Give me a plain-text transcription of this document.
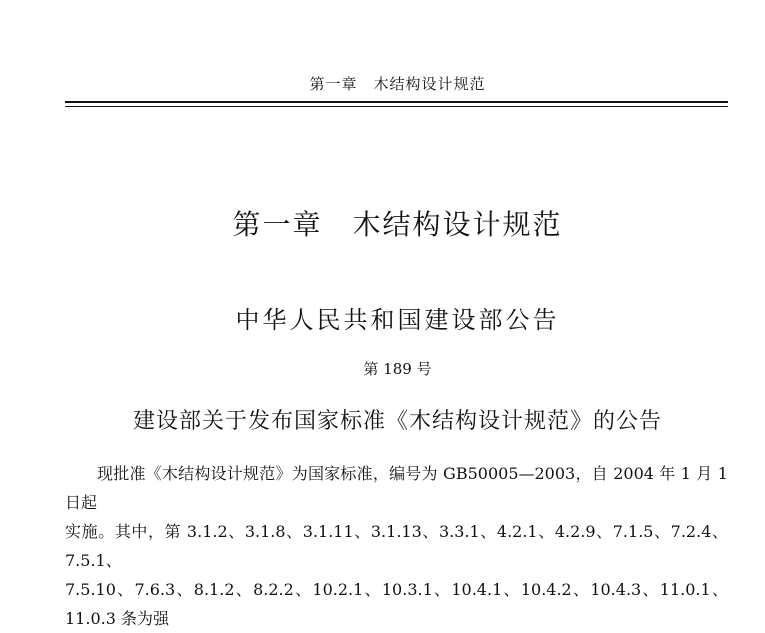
第一章　木结构设计规范
第一章　木结构设计规范
中华人民共和国建设部公告
第 189 号
建设部关于发布国家标准《木结构设计规范》的公告

现批准《木结构设计规范》为国家标准，编号为 GB50005—2003，自 2004 年 1 月 1 日起

实施。其中，第 3.1.2、3.1.8、3.1.11、3.1.13、3.3.1、4.2.1、4.2.9、7.1.5、7.2.4、7.5.1、

7.5.10、7.6.3、8.1.2、8.2.2、10.2.1、10.3.1、10.4.1、10.4.2、10.4.3、11.0.1、11.0.3 条为强
